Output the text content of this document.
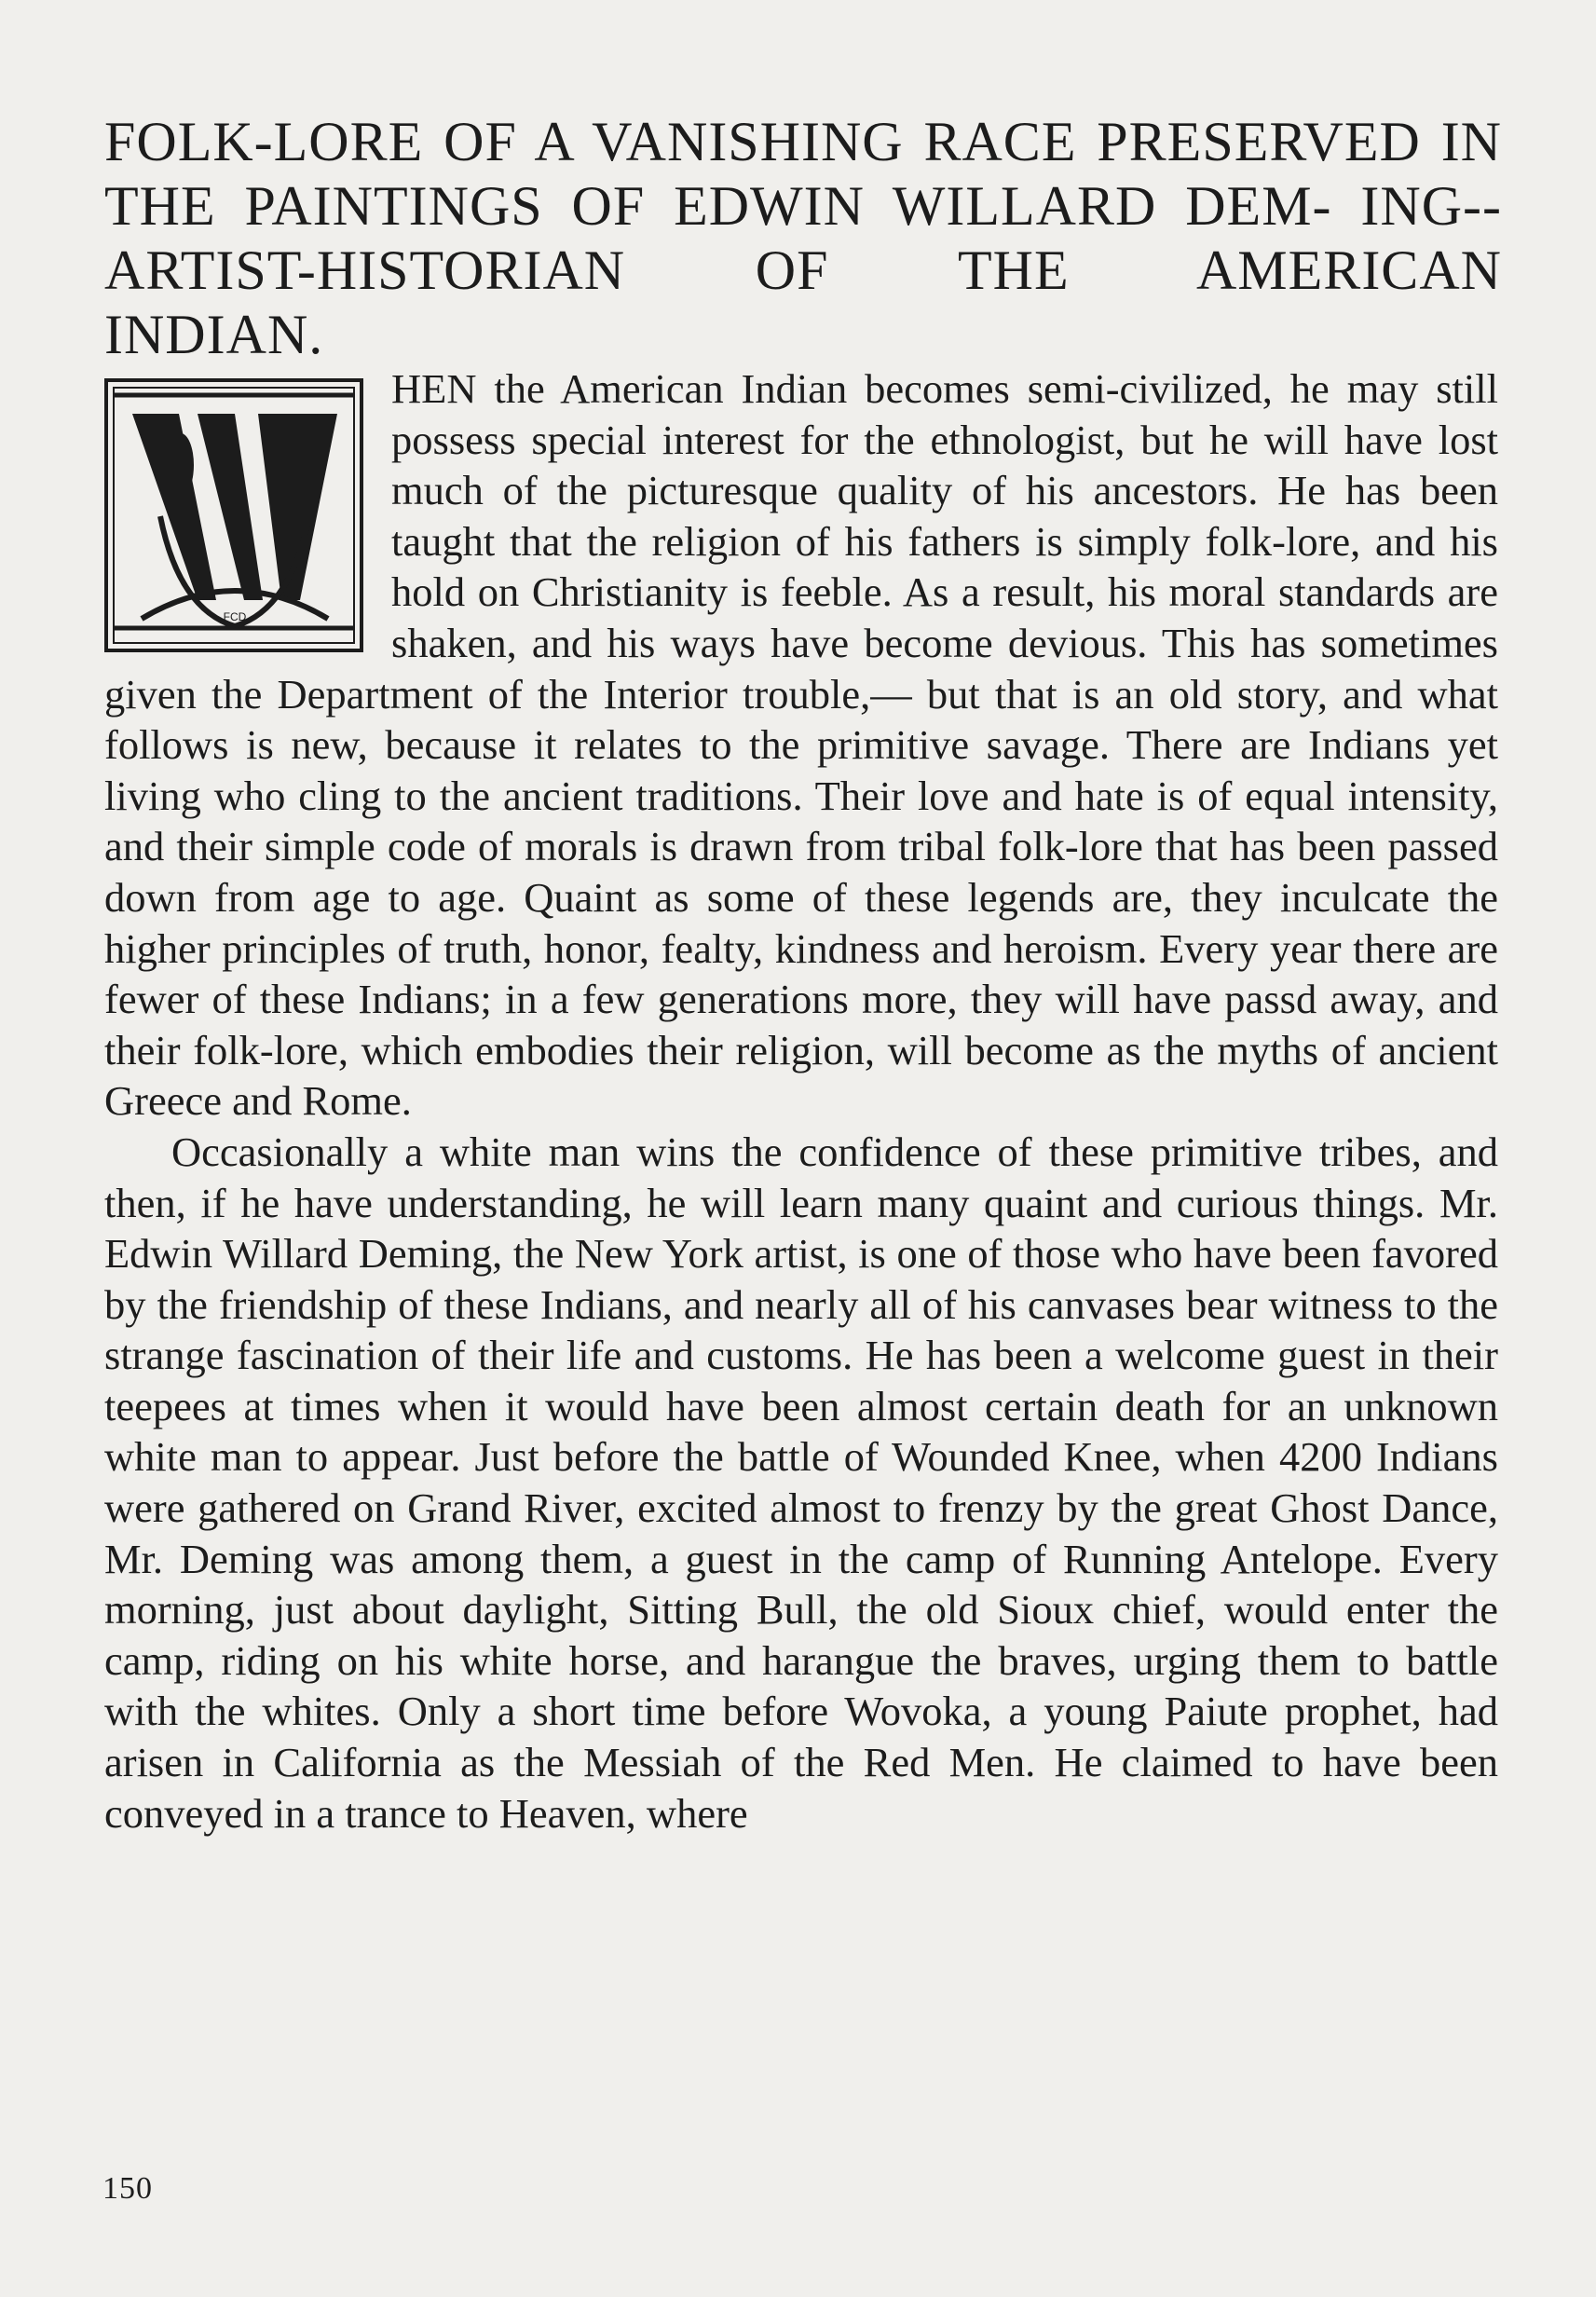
FOLK-LORE OF A VANISHING RACE PRESERVED IN THE PAINTINGS OF EDWIN WILLARD DEM- ING--ARTIST-HISTORIAN OF THE AMERICAN
INDIAN.
FCD

HEN the American Indian becomes semi-civilized, he may still possess special interest for the ethnologist, but he will have lost much of the picturesque quality of his ancestors. He has been taught that the religion of his fathers is simply folk-lore, and his hold on Christianity is feeble. As a result, his moral standards are shaken, and his ways have become devious. This has sometimes given the Department of the Interior trouble,— but that is an old story, and what follows is new, because it relates to the primitive savage. There are Indians yet living who cling to the ancient traditions. Their love and hate is of equal intensity, and their simple code of morals is drawn from tribal folk-lore that has been passed down from age to age. Quaint as some of these legends are, they inculcate the higher principles of truth, honor, fealty, kindness and heroism. Every year there are fewer of these Indians; in a few generations more, they will have passd away, and their folk-lore, which embodies their religion, will become as the myths of ancient Greece and Rome.

Occasionally a white man wins the confidence of these primitive tribes, and then, if he have understanding, he will learn many quaint and curious things. Mr. Edwin Willard Deming, the New York artist, is one of those who have been favored by the friendship of these Indians, and nearly all of his canvases bear witness to the strange fascination of their life and customs. He has been a welcome guest in their teepees at times when it would have been almost certain death for an unknown white man to appear. Just before the battle of Wounded Knee, when 4200 Indians were gathered on Grand River, excited almost to frenzy by the great Ghost Dance, Mr. Deming was among them, a guest in the camp of Running Antelope. Every morning, just about daylight, Sitting Bull, the old Sioux chief, would enter the camp, riding on his white horse, and harangue the braves, urging them to battle with the whites. Only a short time before Wovoka, a young Paiute prophet, had arisen in California as the Messiah of the Red Men. He claimed to have been conveyed in a trance to Heaven, where

150
